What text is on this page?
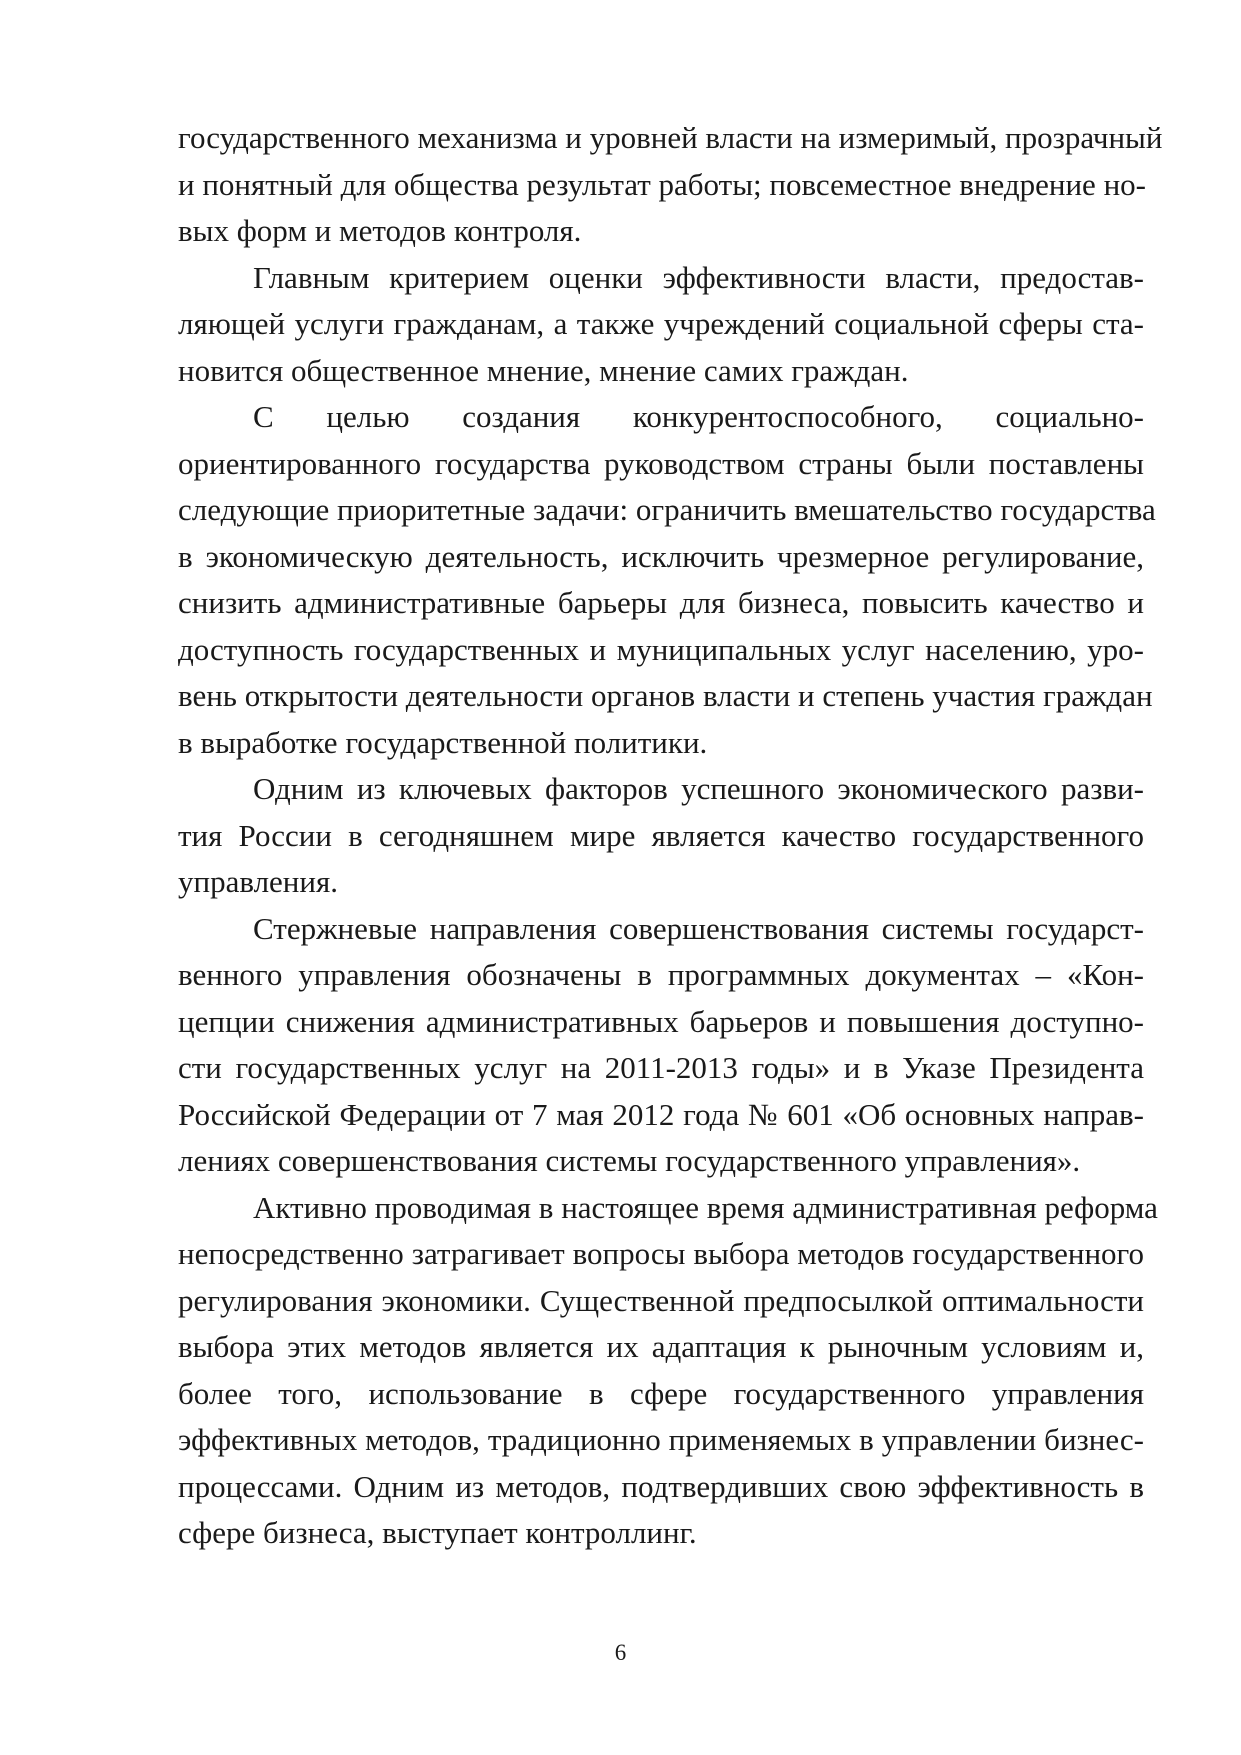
государственного механизма и уровней власти на измеримый, прозрачный
и понятный для общества результат работы; повсеместное внедрение но-
вых форм и методов контроля.
Главным критерием оценки эффективности власти, предостав-
ляющей услуги гражданам, а также учреждений социальной сферы ста-
новится общественное мнение, мнение самих граждан.
С целью создания конкурентоспособного, социально-
ориентированного государства руководством страны были поставлены
следующие приоритетные задачи: ограничить вмешательство государства
в экономическую деятельность, исключить чрезмерное регулирование,
снизить административные барьеры для бизнеса, повысить качество и
доступность государственных и муниципальных услуг населению, уро-
вень открытости деятельности органов власти и степень участия граждан
в выработке государственной политики.
Одним из ключевых факторов успешного экономического разви-
тия России в сегодняшнем мире является качество государственного
управления.
Стержневые направления совершенствования системы государст-
венного управления обозначены в программных документах – «Кон-
цепции снижения административных барьеров и повышения доступно-
сти государственных услуг на 2011-2013 годы» и в Указе Президента
Российской Федерации от 7 мая 2012 года № 601 «Об основных направ-
лениях совершенствования системы государственного управления».
Активно проводимая в настоящее время административная реформа
непосредственно затрагивает вопросы выбора методов государственного
регулирования экономики. Существенной предпосылкой оптимальности
выбора этих методов является их адаптация к рыночным условиям и,
более того, использование в сфере государственного управления
эффективных методов, традиционно применяемых в управлении бизнес-
процессами. Одним из методов, подтвердивших свою эффективность в
сфере бизнеса, выступает контроллинг.
6
